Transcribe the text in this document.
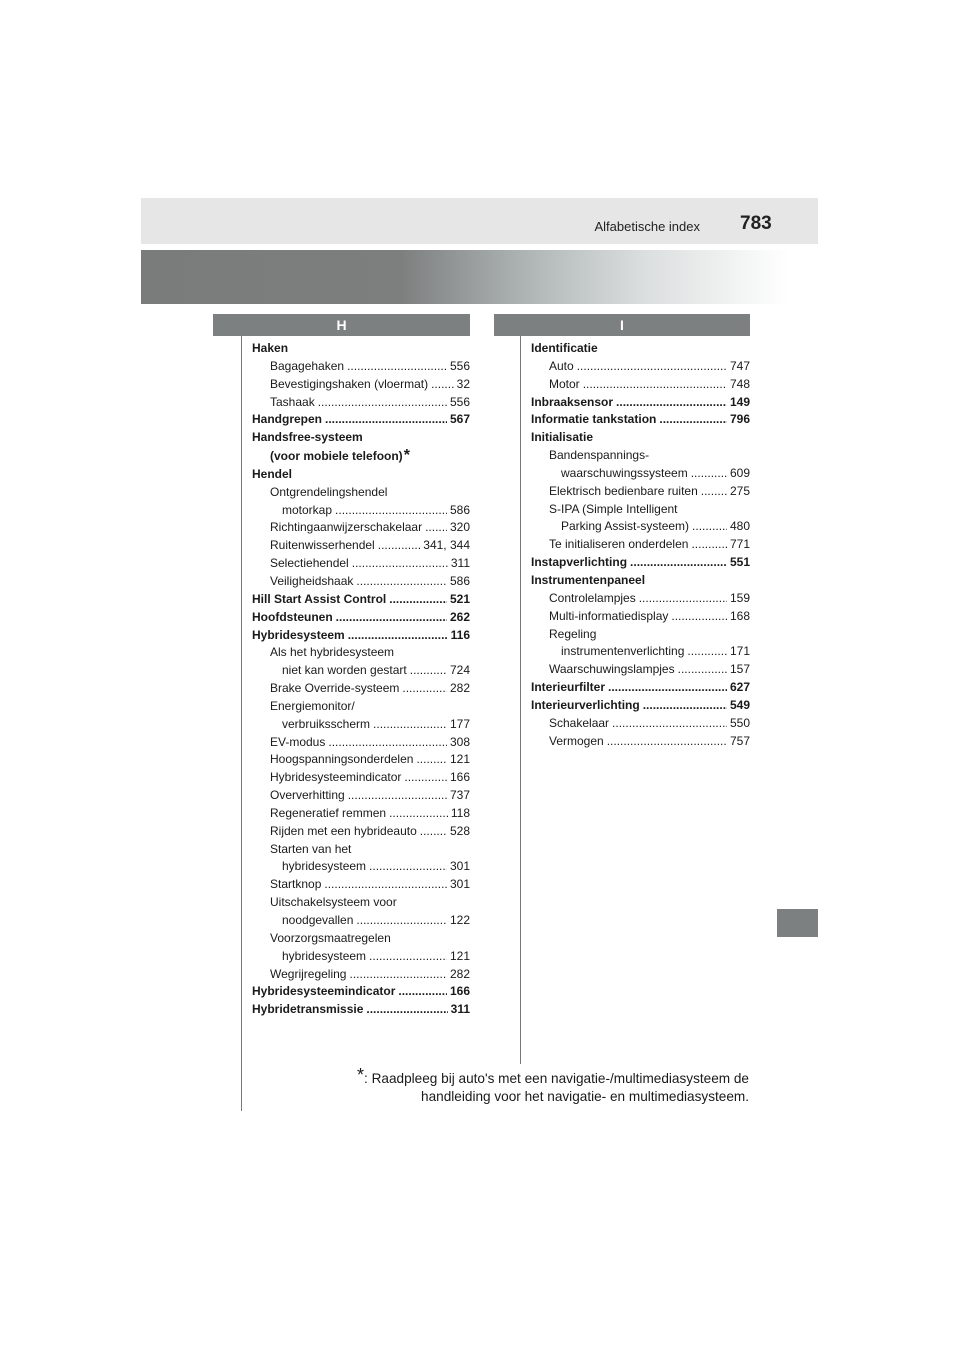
Alfabetische index 783
H	I
Haken
Bagagehaken .....	556
Bevestigingshaken (vloermat) ..... 32
Tashaak .....	556
Handgrepen .....	567
Handsfree-systeem
(voor mobiele telefoon) *
Hendel
Ontgrendelingshendel
motorkap .....	586
Richtingaanwijzerschakelaar ..... 320
Ruitenwisserhendel .....	341, 344
Selectiehendel .....	311
Veiligheidshaak .....	586
Hill Start Assist Control .....	521
Hoofdsteunen .....	262
Hybridesysteem .....	116
Als het hybridesysteem
niet kan worden gestart .....	724
Brake Override-systeem .....	282
Energiemonitor/
verbruiksscherm .....	177
EV-modus .....	308
Hoogspanningsonderdelen .....	121
Hybridesysteemindicator .....	166
Oververhitting .....	737
Regeneratief remmen .....	118
Rijden met een hybrideauto .....	528
Starten van het
hybridesysteem .....	301
Startknop .....	301
Uitschakelsysteem voor
noodgevallen .....	122
Voorzorgsmaatregelen
hybridesysteem .....	121
Wegrijregeling .....	282
Hybridesysteemindicator .....	166
Hybridetransmissie .....	311
Identificatie
Auto .....	747
Motor .....	748
Inbraaksensor .....	149
Informatie tankstation .....	796
Initialisatie
Bandenspannings-
waarschuwingssysteem .....	609
Elektrisch bedienbare ruiten .....	275
S-IPA (Simple Intelligent
Parking Assist-systeem) .....	480
Te initialiseren onderdelen .....	771
Instapverlichting .....	551
Instrumentenpaneel
Controlelampjes .....	159
Multi-informatiedisplay .....	168
Regeling
instrumentenverlichting .....	171
Waarschuwingslampjes .....	157
Interieurfilter .....	627
Interieurverlichting .....	549
Schakelaar .....	550
Vermogen .....	757
*: Raadpleeg bij auto's met een navigatie-/multimediasysteem de
handleiding voor het navigatie- en multimediasysteem.
